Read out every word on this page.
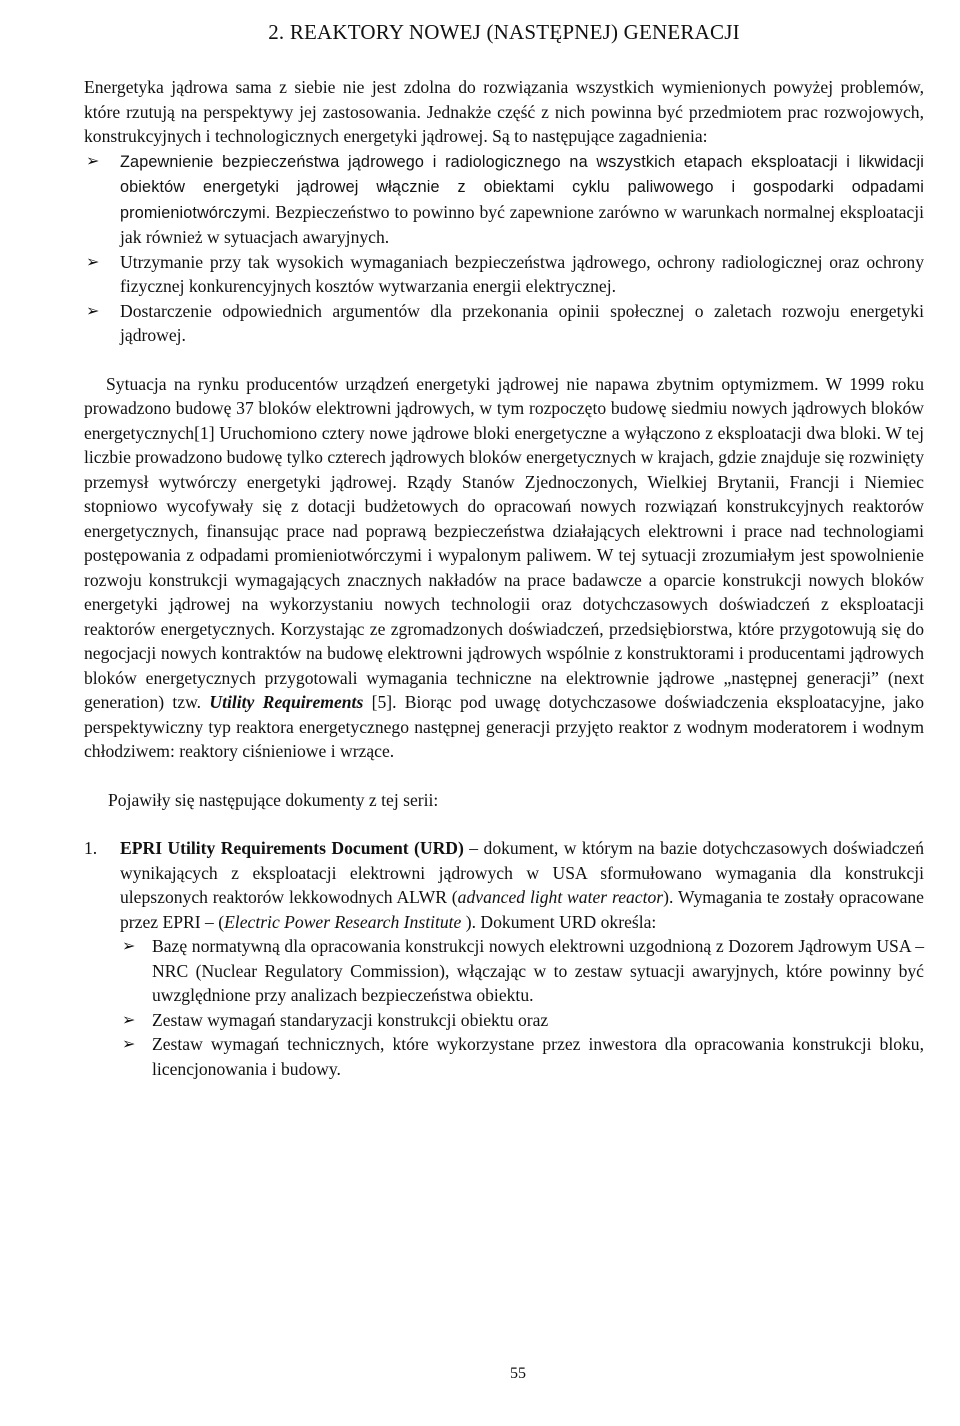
2. REAKTORY NOWEJ (NASTĘPNEJ) GENERACJI

Energetyka jądrowa sama z siebie nie jest zdolna do rozwiązania wszystkich wymienionych powyżej problemów, które rzutują na perspektywy jej zastosowania. Jednakże część z nich powinna być przedmiotem prac rozwojowych, konstrukcyjnych i technologicznych energetyki jądrowej. Są to następujące zagadnienia:

➢ Zapewnienie bezpieczeństwa jądrowego i radiologicznego na wszystkich etapach eksploatacji i likwidacji obiektów energetyki jądrowej włącznie z obiektami cyklu paliwowego i gospodarki odpadami promieniotwórczymi. Bezpieczeństwo to powinno być zapewnione zarówno w warunkach normalnej eksploatacji jak również w sytuacjach awaryjnych.
➢ Utrzymanie przy tak wysokich wymaganiach bezpieczeństwa jądrowego, ochrony radiologicznej oraz ochrony fizycznej konkurencyjnych kosztów wytwarzania energii elektrycznej.
➢ Dostarczenie odpowiednich argumentów dla przekonania opinii społecznej o zaletach rozwoju energetyki jądrowej.

Sytuacja na rynku producentów urządzeń energetyki jądrowej nie napawa zbytnim optymizmem. W 1999 roku prowadzono budowę 37 bloków elektrowni jądrowych, w tym rozpoczęto budowę siedmiu nowych jądrowych bloków energetycznych[1] Uruchomiono cztery nowe jądrowe bloki energetyczne a wyłączono z eksploatacji dwa bloki. W tej liczbie prowadzono budowę tylko czterech jądrowych bloków energetycznych w krajach, gdzie znajduje się rozwinięty przemysł wytwórczy energetyki jądrowej. Rządy Stanów Zjednoczonych, Wielkiej Brytanii, Francji i Niemiec stopniowo wycofywały się z dotacji budżetowych do opracowań nowych rozwiązań konstrukcyjnych reaktorów energetycznych, finansując prace nad poprawą bezpieczeństwa działających elektrowni i prace nad technologiami postępowania z odpadami promieniotwórczymi i wypalonym paliwem. W tej sytuacji zrozumiałym jest spowolnienie rozwoju konstrukcji wymagających znacznych nakładów na prace badawcze a oparcie konstrukcji nowych bloków energetyki jądrowej na wykorzystaniu nowych technologii oraz dotychczasowych doświadczeń z eksploatacji reaktorów energetycznych. Korzystając ze zgromadzonych doświadczeń, przedsiębiorstwa, które przygotowują się do negocjacji nowych kontraktów na budowę elektrowni jądrowych wspólnie z konstruktorami i producentami jądrowych bloków energetycznych przygotowali wymagania techniczne na elektrownie jądrowe „następnej generacji” (next generation) tzw. Utility Requirements [5]. Biorąc pod uwagę dotychczasowe doświadczenia eksploatacyjne, jako perspektywiczny typ reaktora energetycznego następnej generacji przyjęto reaktor z wodnym moderatorem i wodnym chłodziwem: reaktory ciśnieniowe i wrzące.

Pojawiły się następujące dokumenty z tej serii:

1. EPRI Utility Requirements Document (URD) – dokument, w którym na bazie dotychczasowych doświadczeń wynikających z eksploatacji elektrowni jądrowych w USA sformułowano wymagania dla konstrukcji ulepszonych reaktorów lekkowodnych ALWR (advanced light water reactor). Wymagania te zostały opracowane przez EPRI – (Electric Power Research Institute ). Dokument URD określa:
➢ Bazę normatywną dla opracowania konstrukcji nowych elektrowni uzgodnioną z Dozorem Jądrowym USA – NRC (Nuclear Regulatory Commission), włączając w to zestaw sytuacji awaryjnych, które powinny być uwzględnione przy analizach bezpieczeństwa obiektu.
➢ Zestaw wymagań standaryzacji konstrukcji obiektu oraz
➢ Zestaw wymagań technicznych, które wykorzystane przez inwestora dla opracowania konstrukcji bloku, licencjonowania i budowy.
55
